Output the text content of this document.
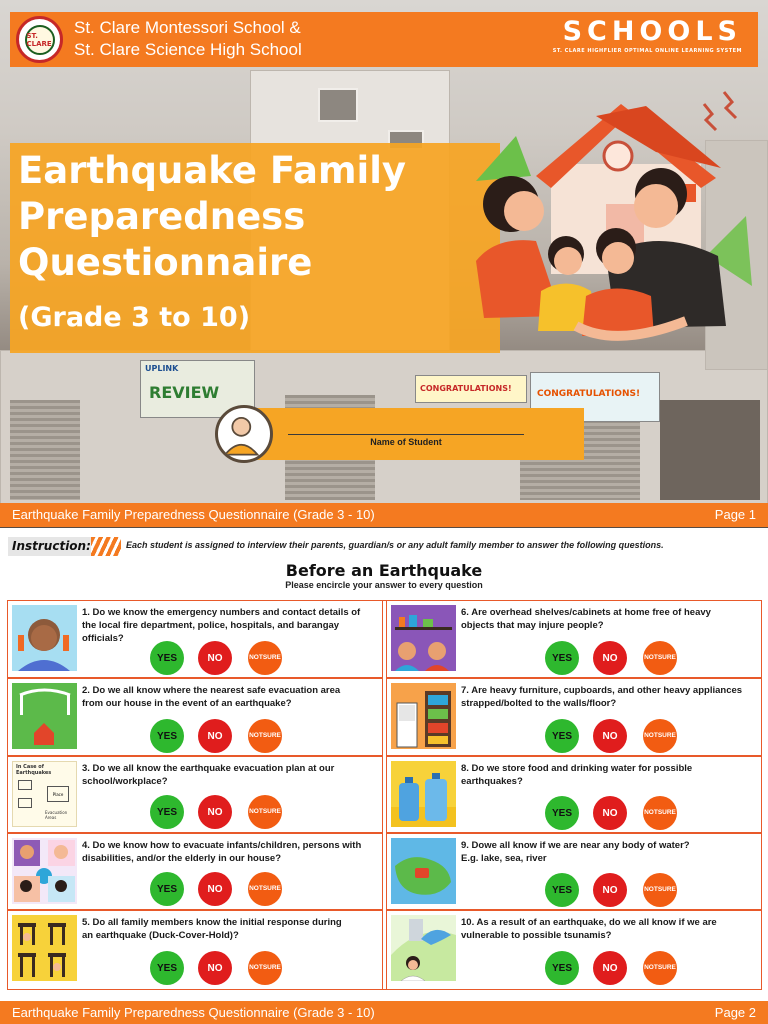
UPLINK
REVIEW	CONGRATULATIONS!
CONGRATULATIONS!
ST. CLARE
St. Clare Montessori School &
St. Clare Science High School
SCHOOLS
ST. CLARE HIGHFLIER OPTIMAL ONLINE LEARNING SYSTEM
Earthquake Family
Preparedness
Questionnaire
(Grade 3 to 10)
Name of Student
Earthquake Family Preparedness Questionnaire (Grade 3 - 10)	Page 1
Instruction:	Each student is assigned to interview their parents, guardian/s or any adult family member to answer the following questions.
Before an Earthquake
Please encircle your answer to every question
1. Do we know the emergency numbers and contact details of
the local fire department, police, hospitals, and barangay
officials?
YES	NO	NOT SURE
2. Do we all know where the nearest safe evacuation area
from our house in the event of an earthquake?
YES	NO	NOT SURE
In Case of
Earthquakes
Place
Evacuation
Areas
3. Do we all know the earthquake evacuation plan at our
school/workplace?
YES	NO	NOT SURE
4. Do we know how to evacuate infants/children, persons with
disabilities, and/or the elderly in our house?
YES	NO	NOT SURE
5. Do all family members know the initial response during
an earthquake (Duck-Cover-Hold)?
YES	NO	NOT SURE
6. Are overhead shelves/cabinets at home free of heavy
objects that may injure people?
YES	NO	NOT SURE
7. Are heavy furniture, cupboards, and other heavy appliances
strapped/bolted to the walls/floor?
YES	NO	NOT SURE
8. Do we store food and drinking water for possible
earthquakes?
YES	NO	NOT SURE
9. Dowe all know if we are near any body of water?
E.g. lake, sea, river
YES	NO	NOT SURE
10. As a result of an earthquake, do we all know if we are
vulnerable to possible tsunamis?
YES	NO	NOT SURE
Earthquake Family Preparedness Questionnaire (Grade 3 - 10)	Page 2
